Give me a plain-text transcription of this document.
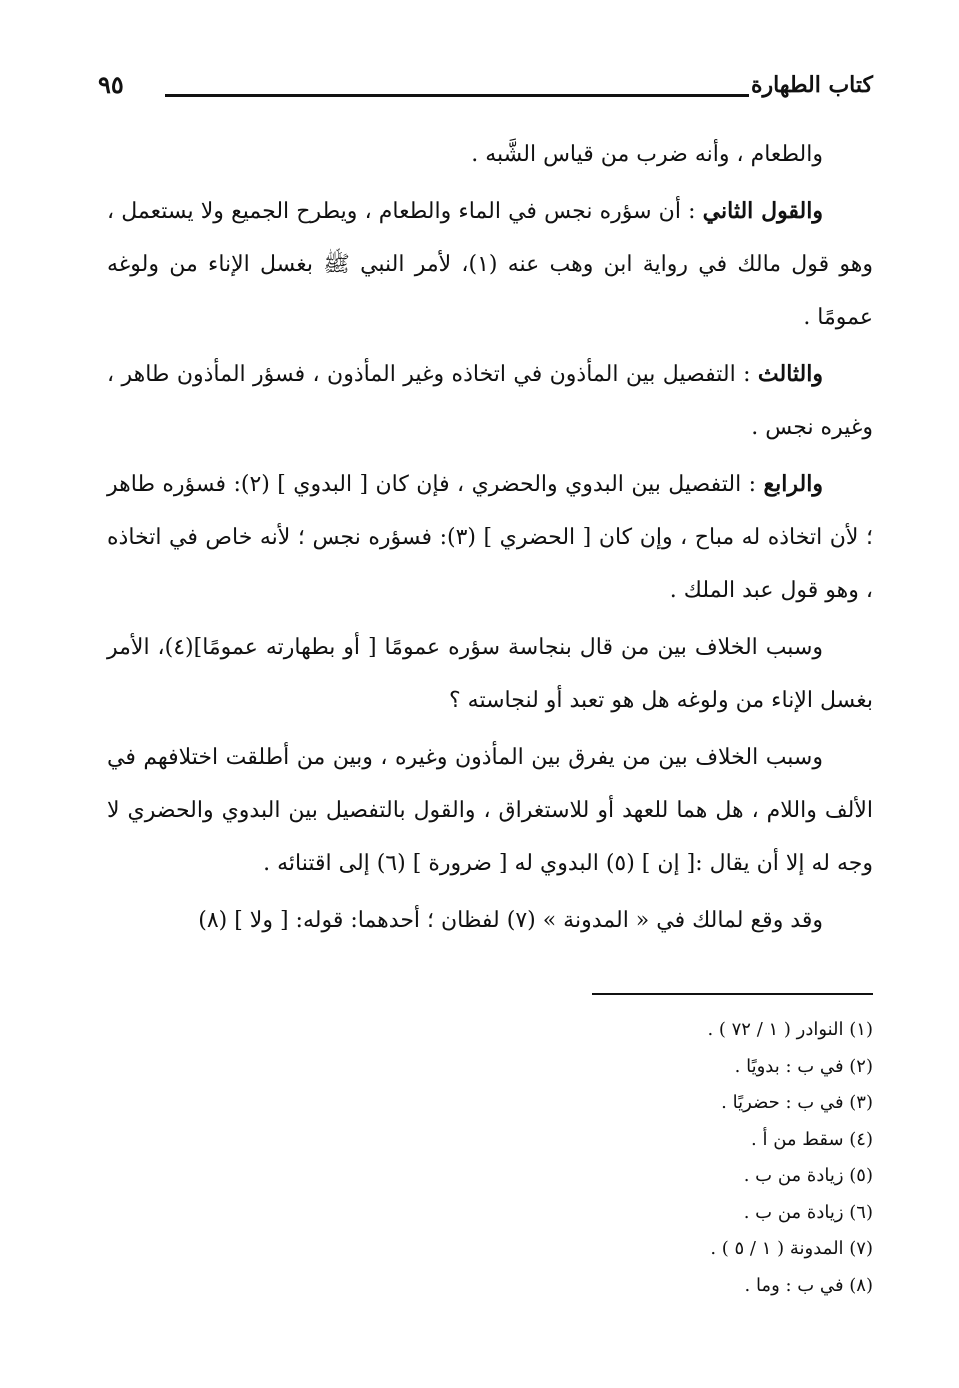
كتاب الطهارة
٩٥

والطعام ، وأنه ضرب من قياس الشَّبه .

والقول الثاني : أن سؤره نجس في الماء والطعام ، ويطرح الجميع ولا يستعمل ، وهو قول مالك في رواية ابن وهب عنه (١)، لأمر النبي ﷺ بغسل الإناء من ولوغه عمومًا .

والثالث : التفصيل بين المأذون في اتخاذه وغير المأذون ، فسؤر المأذون طاهر ، وغيره نجس .

والرابع : التفصيل بين البدوي والحضري ، فإن كان [ البدوي ] (٢): فسؤره طاهر ؛ لأن اتخاذه له مباح ، وإن كان [ الحضري ] (٣): فسؤره نجس ؛ لأنه خاص في اتخاذه ، وهو قول عبد الملك .

وسبب الخلاف بين من قال بنجاسة سؤره عمومًا [ أو بطهارته عمومًا](٤)، الأمر بغسل الإناء من ولوغه هل هو تعبد أو لنجاسته ؟

وسبب الخلاف بين من يفرق بين المأذون وغيره ، وبين من أطلقت اختلافهم في الألف واللام ، هل هما للعهد أو للاستغراق ، والقول بالتفصيل بين البدوي والحضري لا وجه له إلا أن يقال :[ إن ] (٥) البدوي له [ ضرورة ] (٦) إلى اقتنائه .

وقد وقع لمالك في « المدونة » (٧) لفظان ؛ أحدهما: قوله: [ ولا ] (٨)

(١) النوادر ( ١ / ٧٢ ) .
(٢) في ب : بدويًا .
(٣) في ب : حضريًا .
(٤) سقط من أ .
(٥) زيادة من ب .
(٦) زيادة من ب .
(٧) المدونة ( ١ / ٥ ) .
(٨) في ب : وما .
